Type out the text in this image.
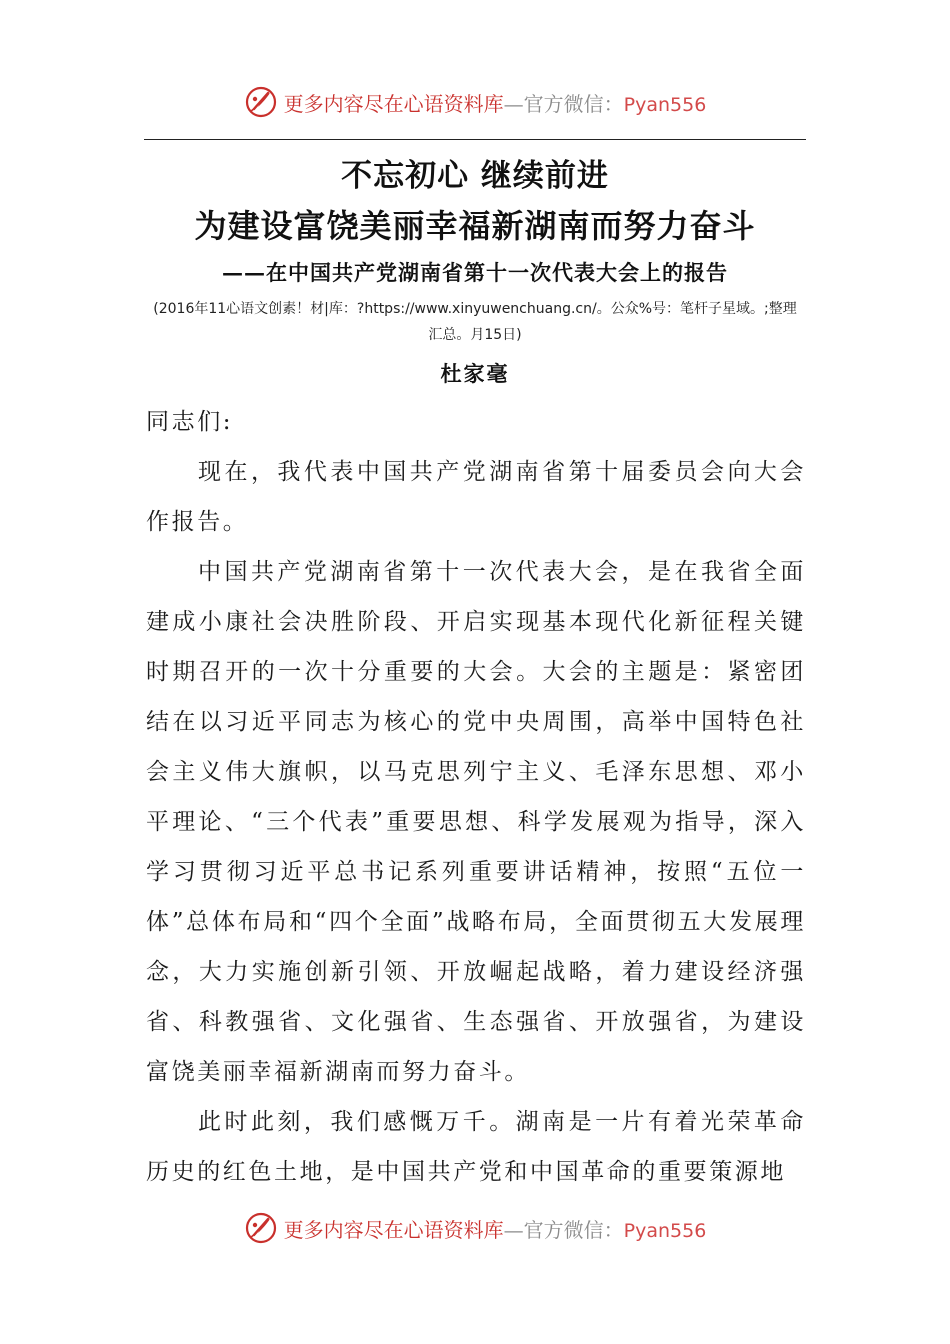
更多内容尽在心语资料库—官方微信：Pyan556
不忘初心 继续前进
为建设富饶美丽幸福新湖南而努力奋斗
——在中国共产党湖南省第十一次代表大会上的报告
(2016年11心语文创素！材|库：?https://www.xinyuwenchuang.cn/。公众%号：笔杆子星域。;整理汇总。月15日)
杜家毫

同志们:

现在，我代表中国共产党湖南省第十届委员会向大会作报告。

中国共产党湖南省第十一次代表大会，是在我省全面建成小康社会决胜阶段、开启实现基本现代化新征程关键时期召开的一次十分重要的大会。大会的主题是：紧密团结在以习近平同志为核心的党中央周围，高举中国特色社会主义伟大旗帜，以马克思列宁主义、毛泽东思想、邓小平理论、“三个代表”重要思想、科学发展观为指导，深入学习贯彻习近平总书记系列重要讲话精神，按照“五位一体”总体布局和“四个全面”战略布局，全面贯彻五大发展理念，大力实施创新引领、开放崛起战略，着力建设经济强省、科教强省、文化强省、生态强省、开放强省，为建设富饶美丽幸福新湖南而努力奋斗。

此时此刻，我们感慨万千。湖南是一片有着光荣革命历史的红色土地，是中国共产党和中国革命的重要策源地

更多内容尽在心语资料库—官方微信：Pyan556
